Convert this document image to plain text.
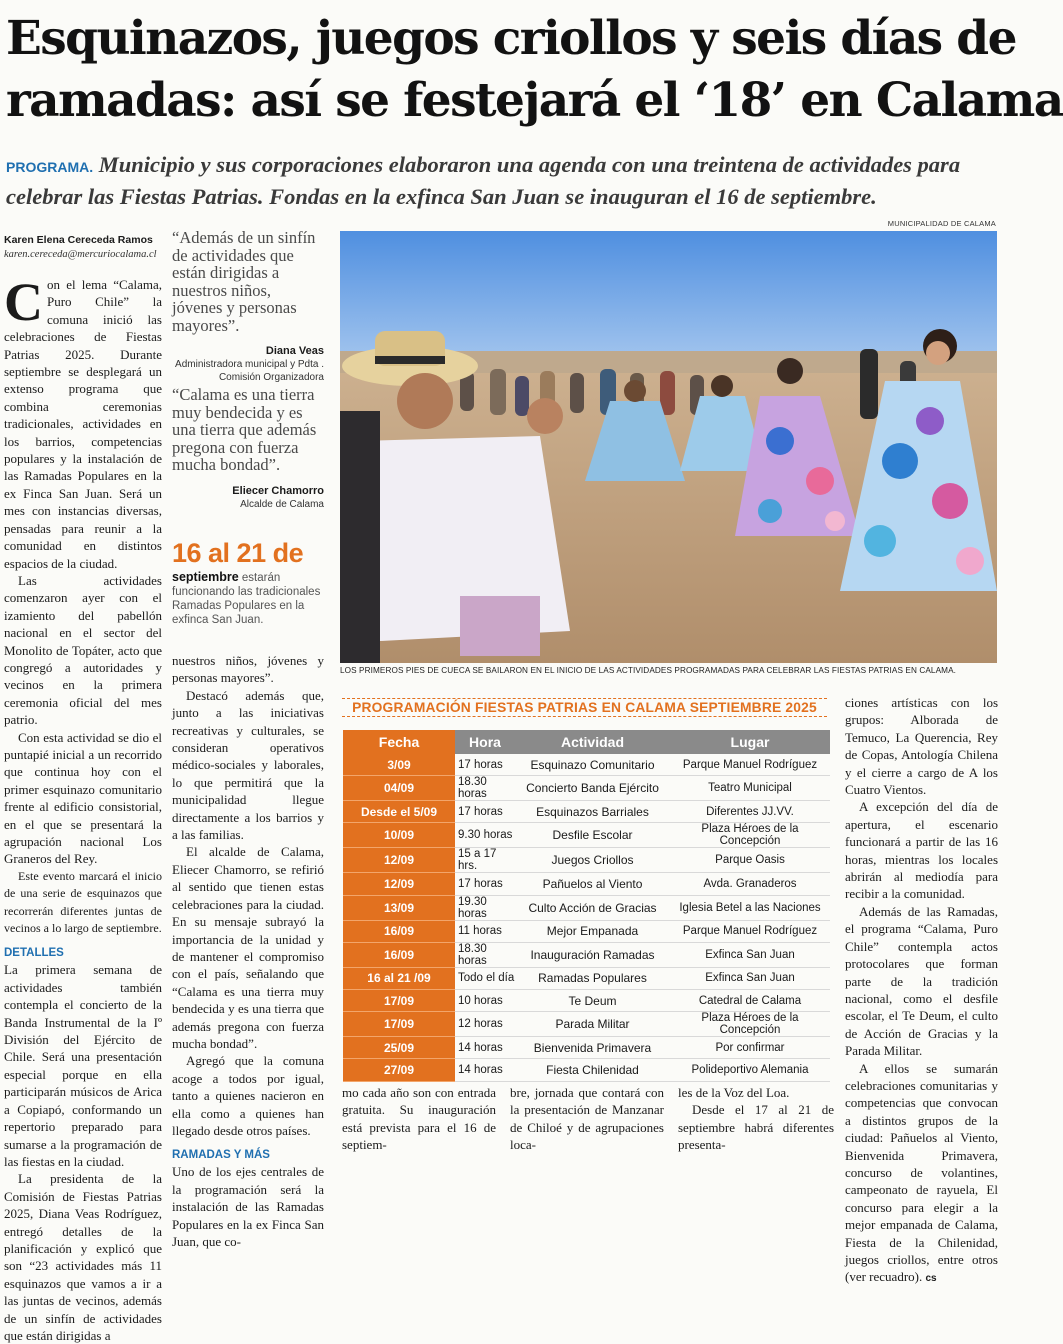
Esquinazos, juegos criollos y seis días de
ramadas: así se festejará el ‘18’ en Calama
PROGRAMA. Municipio y sus corporaciones elaboraron una agenda con una treintena de actividades para celebrar las Fiestas Patrias. Fondas en la exfinca San Juan se inauguran el 16 de septiembre.
Karen Elena Cereceda Ramos
karen.cereceda@mercuriocalama.cl

Con el lema “Calama, Puro Chile” la comuna inició las celebraciones de Fiestas Patrias 2025. Durante septiembre se desplegará un extenso programa que combina ceremonias tradicionales, actividades en los barrios, competencias populares y la instalación de las Ramadas Populares en la ex Finca San Juan. Será un mes con instancias diversas, pensadas para reunir a la comunidad en distintos espacios de la ciudad.

Las actividades comenzaron ayer con el izamiento del pabellón nacional en el sector del Monolito de Topáter, acto que congregó a autoridades y vecinos en la primera ceremonia oficial del mes patrio.

Con esta actividad se dio el puntapié inicial a un recorrido que continua hoy con el primer esquinazo comunitario frente al edificio consistorial, en el que se presentará la agrupación nacional Los Graneros del Rey.

Este evento marcará el inicio de una serie de esquinazos que recorrerán diferentes juntas de vecinos a lo largo de septiembre.

DETALLES

La primera semana de actividades también contempla el concierto de la Banda Instrumental de la Iº División del Ejército de Chile. Será una presentación especial porque en ella participarán músicos de Arica a Copiapó, conformando un repertorio preparado para sumarse a la programación de las fiestas en la ciudad.

La presidenta de la Comisión de Fiestas Patrias 2025, Diana Veas Rodríguez, entregó detalles de la planificación y explicó que son “23 actividades más 11 esquinazos que vamos a ir a las juntas de vecinos, además de un sinfín de actividades que están dirigidas a

“Además de un sinfín de actividades que están dirigidas a nuestros niños, jóvenes y personas mayores”.
Diana Veas
Administradora municipal y Pdta . Comisión Organizadora
“Calama es una tierra muy bendecida y es una tierra que además pregona con fuerza mucha bondad”.
Eliecer Chamorro
Alcalde de Calama
16 al 21 de
septiembre estarán funcionando las tradicionales Ramadas Populares en la exfinca San Juan.

nuestros niños, jóvenes y personas mayores”.

Destacó además que, junto a las iniciativas recreativas y culturales, se consideran operativos médico-sociales y laborales, lo que permitirá que la municipalidad llegue directamente a los barrios y a las familias.

El alcalde de Calama, Eliecer Chamorro, se refirió al sentido que tienen estas celebraciones para la ciudad. En su mensaje subrayó la importancia de la unidad y de mantener el compromiso con el país, señalando que “Calama es una tierra muy bendecida y es una tierra que además pregona con fuerza mucha bondad”.

Agregó que la comuna acoge a todos por igual, tanto a quienes nacieron en ella como a quienes han llegado desde otros países.

RAMADAS Y MÁS

Uno de los ejes centrales de la programación será la instalación de las Ramadas Populares en la ex Finca San Juan, que co-

mo cada año son con entrada gratuita. Su inauguración está prevista para el 16 de septiem-

bre, jornada que contará con la presentación de Manzanar de Chiloé y de agrupaciones loca-

les de la Voz del Loa.

Desde el 17 al 21 de septiembre habrá diferentes presenta-

ciones artísticas con los grupos: Alborada de Temuco, La Querencia, Rey de Copas, Antología Chilena y el cierre a cargo de A los Cuatro Vientos.

A excepción del día de apertura, el escenario funcionará a partir de las 16 horas, mientras los locales abrirán al mediodía para recibir a la comunidad.

Además de las Ramadas, el programa “Calama, Puro Chile” contempla actos protocolares que forman parte de la tradición nacional, como el desfile escolar, el Te Deum, el culto de Acción de Gracias y la Parada Militar.

A ellos se sumarán celebraciones comunitarias y competencias que convocan a distintos grupos de la ciudad: Pañuelos al Viento, Bienvenida Primavera, concurso de volantines, campeonato de rayuela, El concurso para elegir a la mejor empanada de Calama, Fiesta de la Chilenidad, juegos criollos, entre otros (ver recuadro). cs

MUNICIPALIDAD DE CALAMA
LOS PRIMEROS PIES DE CUECA SE BAILARON EN EL INICIO DE LAS ACTIVIDADES PROGRAMADAS PARA CELEBRAR LAS FIESTAS PATRIAS EN CALAMA.
PROGRAMACIÓN FIESTAS PATRIAS EN CALAMA SEPTIEMBRE 2025
Fecha	Hora	Actividad	Lugar
3/09	17 horas	Esquinazo Comunitario	Parque Manuel Rodríguez
04/09	18.30 horas	Concierto Banda Ejército	Teatro Municipal
Desde el 5/09	17 horas	Esquinazos Barriales	Diferentes JJ.VV.
10/09	9.30 horas	Desfile Escolar	Plaza Héroes de la Concepción
12/09	15 a 17 hrs.	Juegos Criollos	Parque Oasis
12/09	17 horas	Pañuelos al Viento	Avda. Granaderos
13/09	19.30 horas	Culto Acción de Gracias	Iglesia Betel a las Naciones
16/09	11 horas	Mejor Empanada	Parque Manuel Rodríguez
16/09	18.30 horas	Inauguración Ramadas	Exfinca San Juan
16 al 21 /09	Todo el día	Ramadas Populares	Exfinca San Juan
17/09	10 horas	Te Deum	Catedral de Calama
17/09	12 horas	Parada Militar	Plaza Héroes de la Concepción
25/09	14 horas	Bienvenida Primavera	Por confirmar
27/09	14 horas	Fiesta Chilenidad	Polideportivo Alemania
